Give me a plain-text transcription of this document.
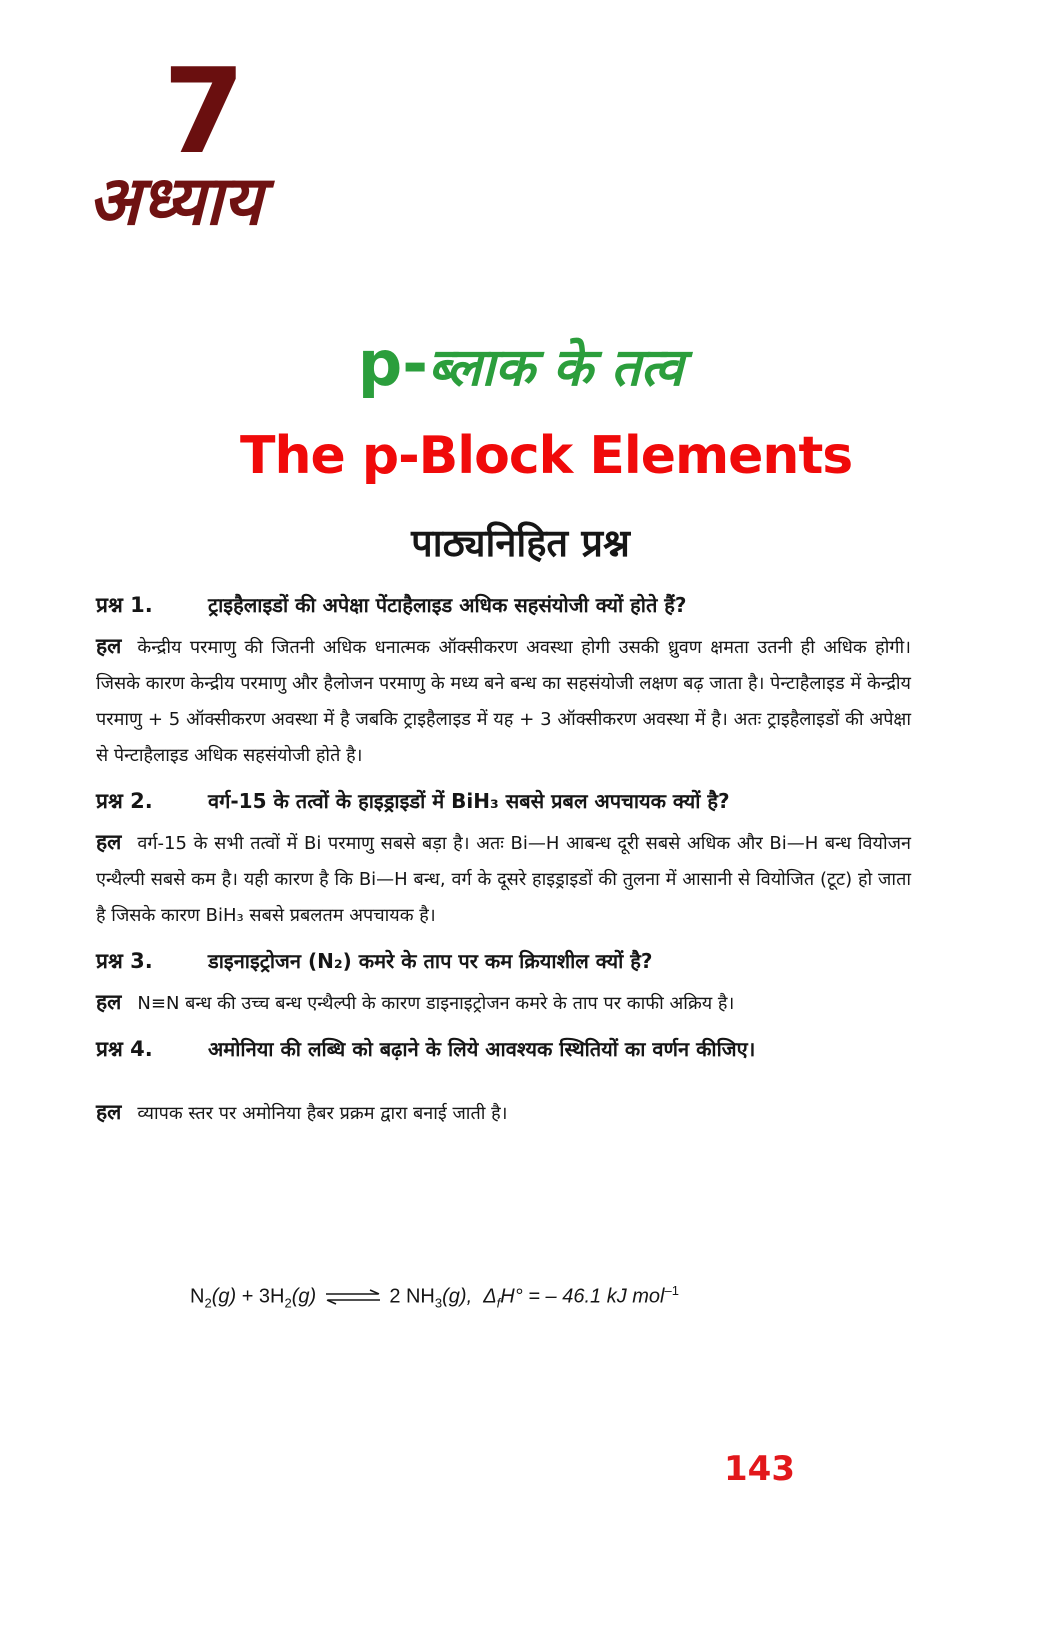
7
अध्याय
p-ब्लाक के तत्व
The p-Block Elements
पाठ्यनिहित प्रश्न
प्रश्न 1.	ट्राइहैलाइडों की अपेक्षा पेंटाहैलाइड अधिक सहसंयोजी क्यों होते हैं?
हल केन्द्रीय परमाणु की जितनी अधिक धनात्मक ऑक्सीकरण अवस्था होगी उसकी ध्रुवण क्षमता उतनी ही अधिक होगी। जिसके कारण केन्द्रीय परमाणु और हैलोजन परमाणु के मध्य बने बन्ध का सहसंयोजी लक्षण बढ़ जाता है। पेन्टाहैलाइड में केन्द्रीय परमाणु + 5 ऑक्सीकरण अवस्था में है जबकि ट्राइहैलाइड में यह + 3 ऑक्सीकरण अवस्था में है। अतः ट्राइहैलाइडों की अपेक्षा से पेन्टाहैलाइड अधिक सहसंयोजी होते है।
प्रश्न 2.	वर्ग-15 के तत्वों के हाइड्राइडों में BiH₃ सबसे प्रबल अपचायक क्यों है?
हल वर्ग-15 के सभी तत्वों में Bi परमाणु सबसे बड़ा है। अतः Bi—H आबन्ध दूरी सबसे अधिक और Bi—H बन्ध वियोजन एन्थैल्पी सबसे कम है। यही कारण है कि Bi—H बन्ध, वर्ग के दूसरे हाइड्राइडों की तुलना में आसानी से वियोजित (टूट) हो जाता है जिसके कारण BiH₃ सबसे प्रबलतम अपचायक है।
प्रश्न 3.	डाइनाइट्रोजन (N₂) कमरे के ताप पर कम क्रियाशील क्यों है?
हल N≡N बन्ध की उच्च बन्ध एन्थैल्पी के कारण डाइनाइट्रोजन कमरे के ताप पर काफी अक्रिय है।
प्रश्न 4.	अमोनिया की लब्धि को बढ़ाने के लिये आवश्यक स्थितियों का वर्णन कीजिए।
हल व्यापक स्तर पर अमोनिया हैबर प्रक्रम द्वारा बनाई जाती है।
$N_2(g) + 3H_2(g)$ ⇌ 2 $NH_3(g)$, $\Delta_fH^\circ$ = – 46.1 kJ mol$^{-1}$
143
